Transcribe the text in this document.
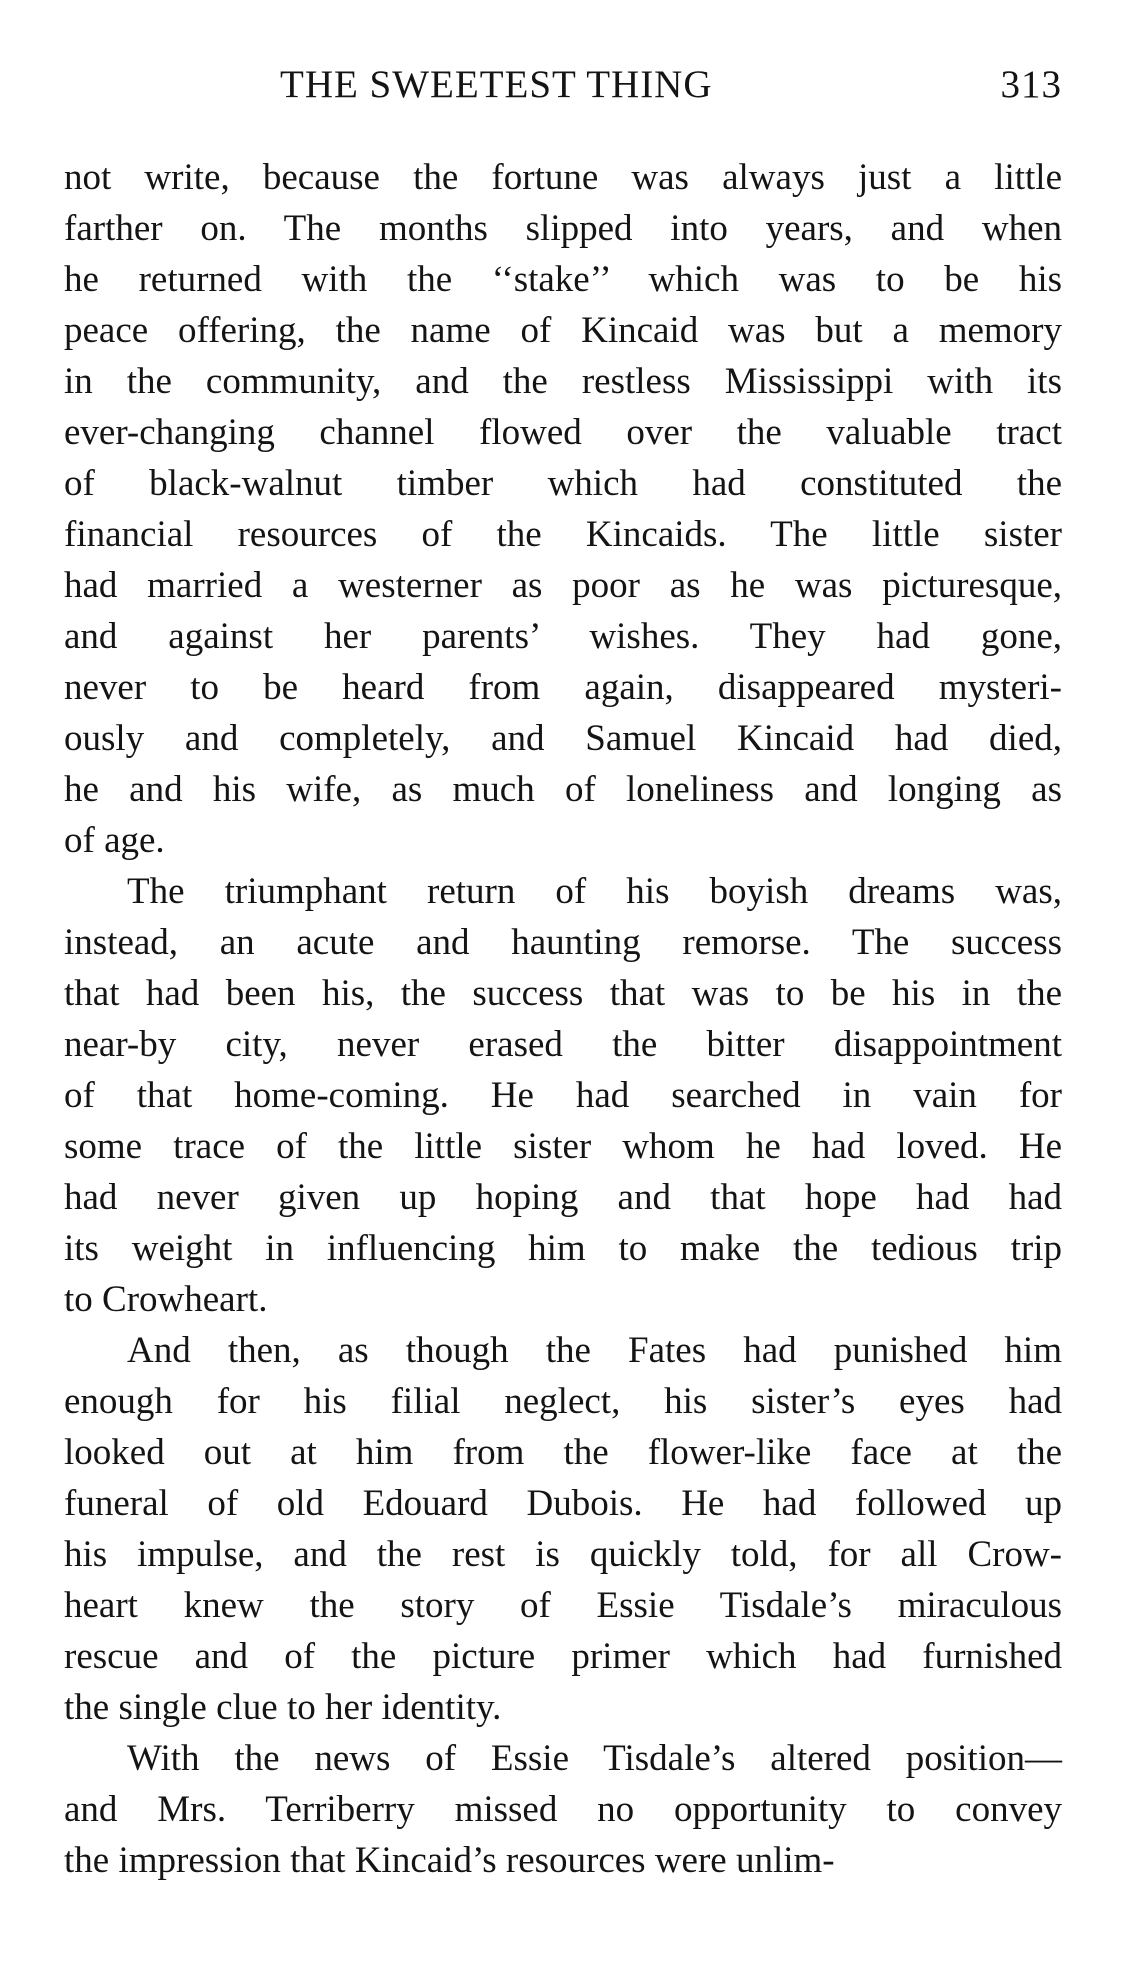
THE SWEETEST THING	313

not write, because the fortune was always just a little
farther on. The months slipped into years, and when
he returned with the ‘‘stake’’ which was to be his
peace offering, the name of Kincaid was but a memory
in the community, and the restless Mississippi with its
ever-changing channel flowed over the valuable tract
of black-walnut timber which had constituted the
financial resources of the Kincaids. The little sister
had married a westerner as poor as he was picturesque,
and against her parents’ wishes. They had gone,
never to be heard from again, disappeared mysteri-
ously and completely, and Samuel Kincaid had died,
he and his wife, as much of loneliness and longing as
of age.

The triumphant return of his boyish dreams was,
instead, an acute and haunting remorse. The success
that had been his, the success that was to be his in the
near-by city, never erased the bitter disappointment
of that home-coming. He had searched in vain for
some trace of the little sister whom he had loved. He
had never given up hoping and that hope had had
its weight in influencing him to make the tedious trip
to Crowheart.

And then, as though the Fates had punished him
enough for his filial neglect, his sister’s eyes had
looked out at him from the flower-like face at the
funeral of old Edouard Dubois. He had followed up
his impulse, and the rest is quickly told, for all Crow-
heart knew the story of Essie Tisdale’s miraculous
rescue and of the picture primer which had furnished
the single clue to her identity.

With the news of Essie Tisdale’s altered position—
and Mrs. Terriberry missed no opportunity to convey
the impression that Kincaid’s resources were unlim-
